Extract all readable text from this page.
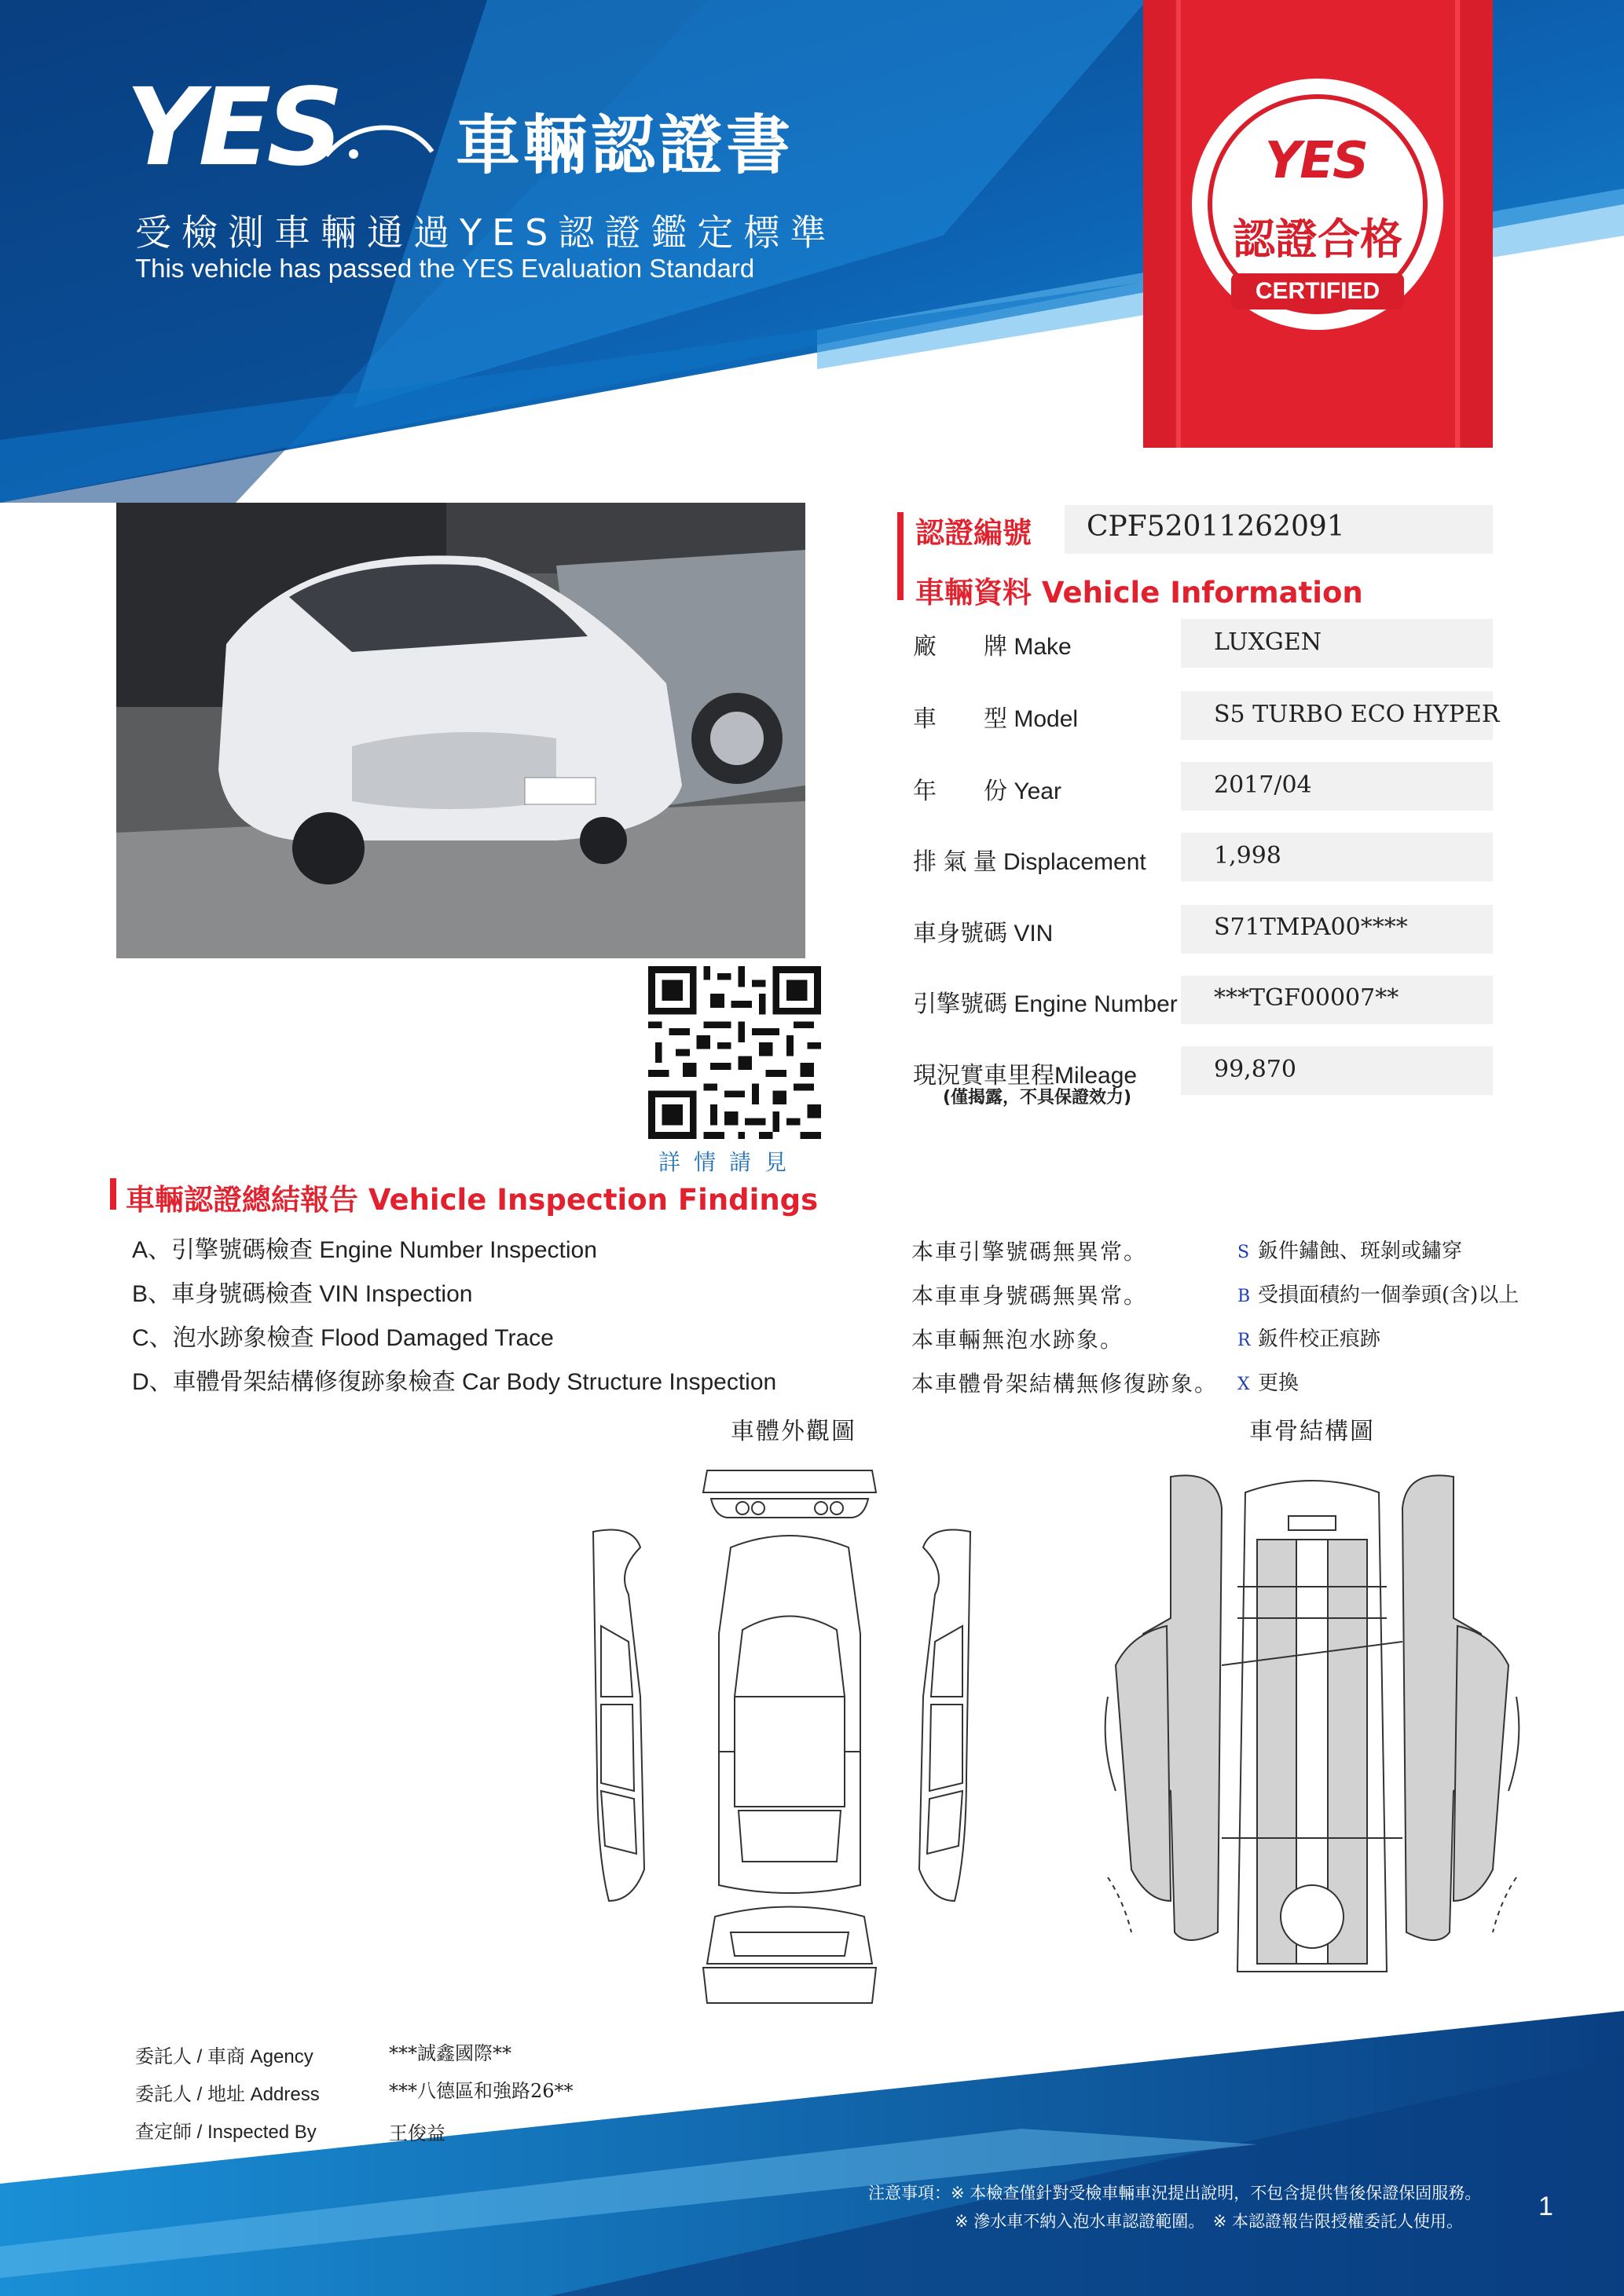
YES 車輛認證書
受檢測車輛通過YES認證鑑定標準
This vehicle has passed the YES Evaluation Standard
YES
認證合格
CERTIFIED
詳情請見
認證編號 CPF52011262091
車輛資料 Vehicle Information
廠　　牌 Make	LUXGEN
車　　型 Model	S5 TURBO ECO HYPER
年　　份 Year	2017/04
排 氣 量 Displacement	1,998
車身號碼 VIN	S71TMPA00****
引擎號碼 Engine Number ***TGF00007**
現況實車里程Mileage	99,870
(僅揭露，不具保證效力)
車輛認證總結報告 Vehicle Inspection Findings
A、引擎號碼檢查 Engine Number Inspection	本車引擎號碼無異常。
B、車身號碼檢查 VIN Inspection	本車車身號碼無異常。
C、泡水跡象檢查 Flood Damaged Trace	本車輛無泡水跡象。
D、車體骨架結構修復跡象檢查 Car Body Structure Inspection	本車體骨架結構無修復跡象。
S 鈑件鏽蝕、斑剝或鏽穿
B 受損面積約一個拳頭(含)以上
R 鈑件校正痕跡
X 更換
車體外觀圖	車骨結構圖
委託人 / 車商 Agency	***誠鑫國際**
委託人 / 地址 Address	***八德區和強路26**
查定師 / Inspected By	王俊益
注意事項：※ 本檢查僅針對受檢車輛車況提出說明，不包含提供售後保證保固服務。
※ 滲水車不納入泡水車認證範圍。　※ 本認證報告限授權委託人使用。	1
